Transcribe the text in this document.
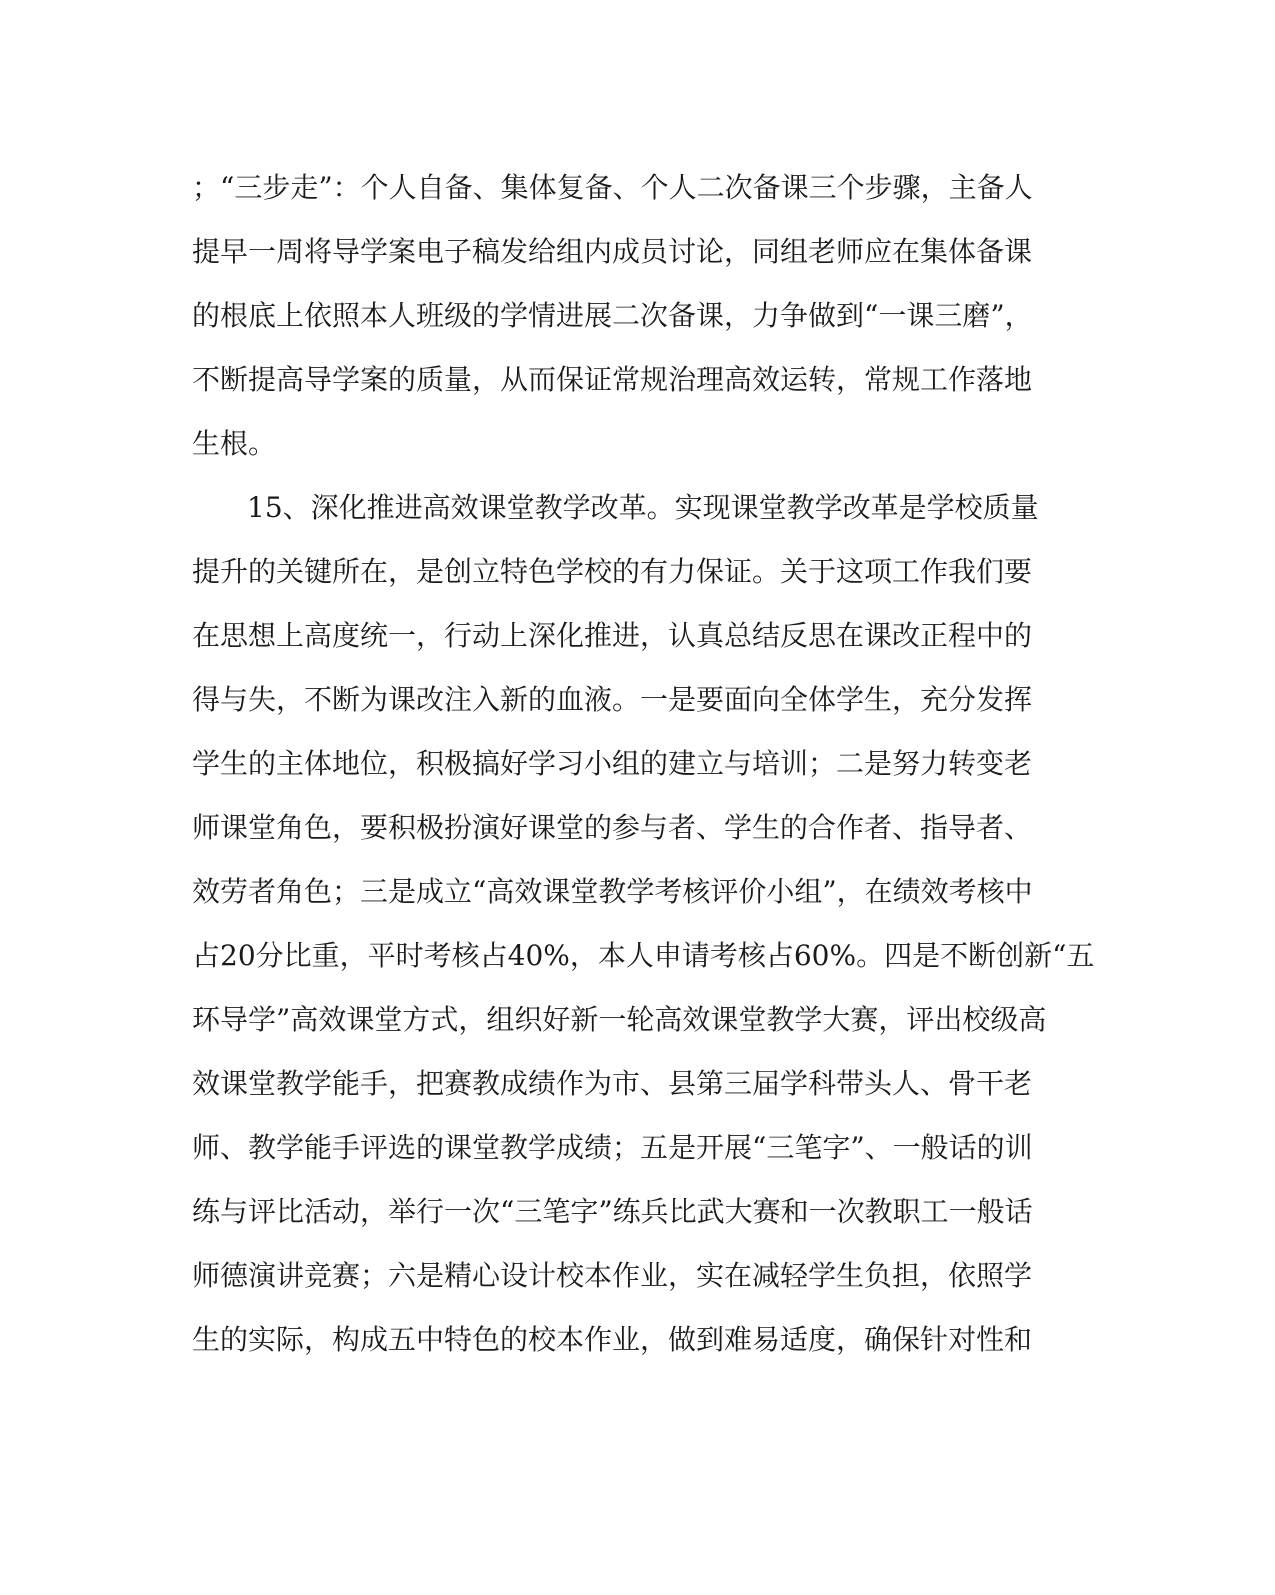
；“三步走”：个人自备、集体复备、个人二次备课三个步骤，主备人
提早一周将导学案电子稿发给组内成员讨论，同组老师应在集体备课
的根底上依照本人班级的学情进展二次备课，力争做到“一课三磨”，
不断提高导学案的质量，从而保证常规治理高效运转，常规工作落地
生根。
15、深化推进高效课堂教学改革。实现课堂教学改革是学校质量
提升的关键所在，是创立特色学校的有力保证。关于这项工作我们要
在思想上高度统一，行动上深化推进，认真总结反思在课改正程中的
得与失，不断为课改注入新的血液。一是要面向全体学生，充分发挥
学生的主体地位，积极搞好学习小组的建立与培训；二是努力转变老
师课堂角色，要积极扮演好课堂的参与者、学生的合作者、指导者、
效劳者角色；三是成立“高效课堂教学考核评价小组”，在绩效考核中
占20分比重，平时考核占40%，本人申请考核占60%。四是不断创新“五
环导学”高效课堂方式，组织好新一轮高效课堂教学大赛，评出校级高
效课堂教学能手，把赛教成绩作为市、县第三届学科带头人、骨干老
师、教学能手评选的课堂教学成绩；五是开展“三笔字”、一般话的训
练与评比活动，举行一次“三笔字”练兵比武大赛和一次教职工一般话
师德演讲竞赛；六是精心设计校本作业，实在减轻学生负担，依照学
生的实际，构成五中特色的校本作业，做到难易适度，确保针对性和
